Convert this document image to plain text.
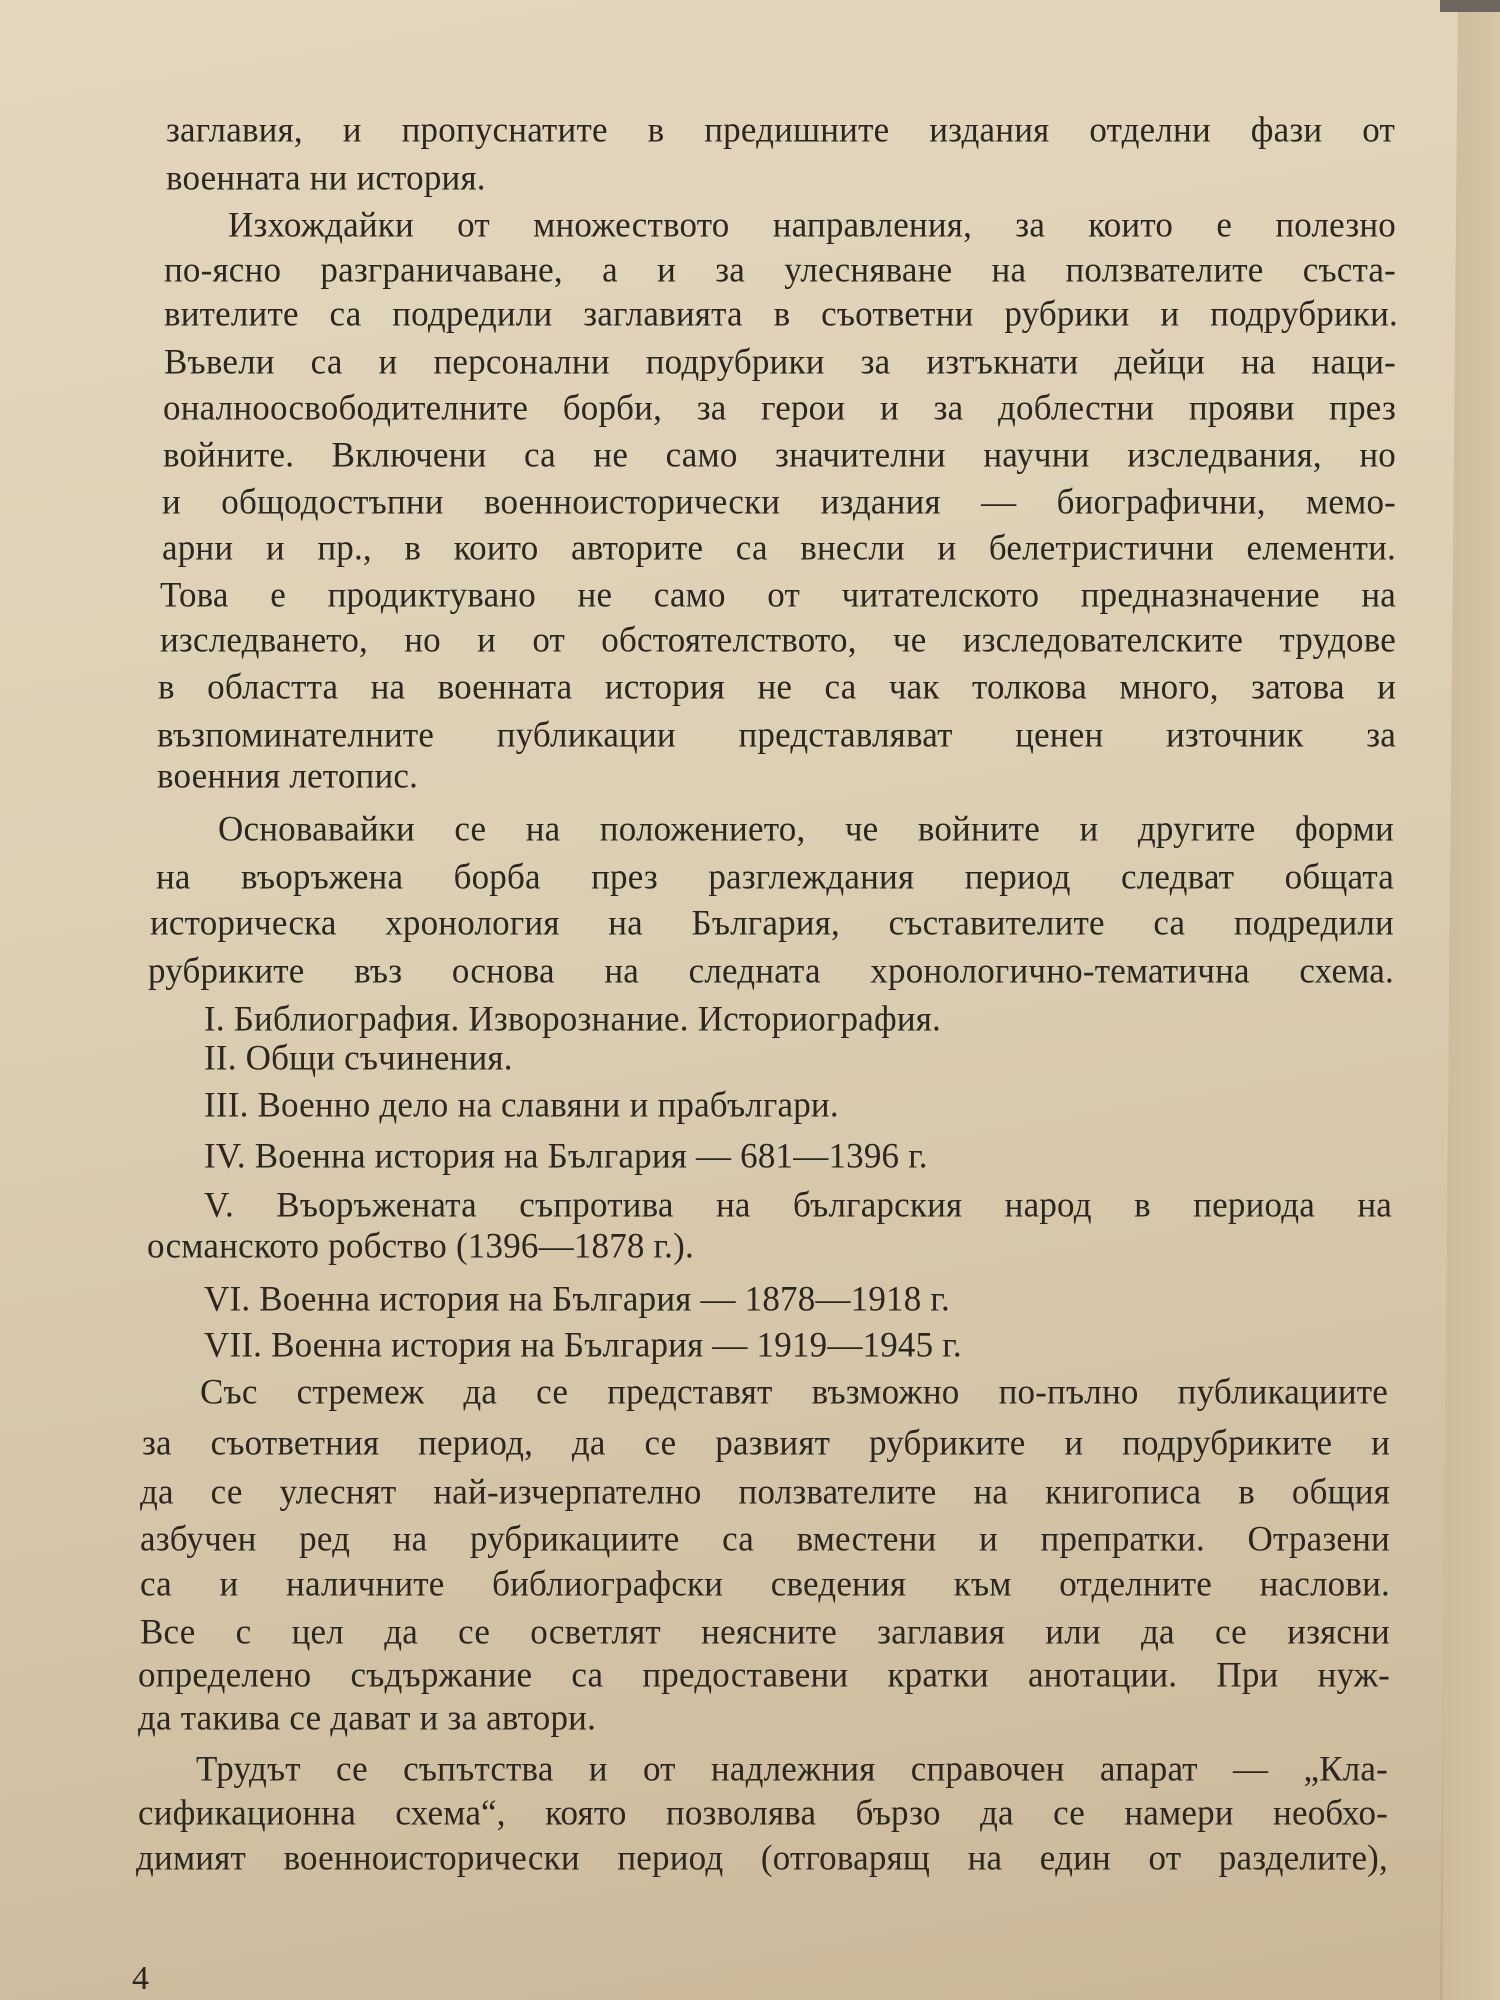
заглавия, и пропуснатите в предишните издания отделни фази от
военната ни история.
Изхождайки от множеството направления, за които е полезно
по-ясно разграничаване, а и за улесняване на ползвателите съста-
вителите са подредили заглавията в съответни рубрики и подрубрики.
Въвели са и персонални подрубрики за изтъкнати дейци на наци-
оналноосвободителните борби, за герои и за доблестни прояви през
войните. Включени са не само значителни научни изследвания, но
и общодостъпни военноисторически издания — биографични, мемо-
арни и пр., в които авторите са внесли и белетристични елементи.
Това е продиктувано не само от читателското предназначение на
изследването, но и от обстоятелството, че изследователските трудове
в областта на военната история не са чак толкова много, затова и
възпоминателните публикации представляват ценен източник за
военния летопис.
Основавайки се на положението, че войните и другите форми
на въоръжена борба през разглеждания период следват общата
историческа хронология на България, съставителите са подредили
рубриките въз основа на следната хронологично-тематична схема.
I. Библиография. Изворознание. Историография.
II. Общи съчинения.
III. Военно дело на славяни и прабългари.
IV. Военна история на България — 681—1396 г.
V. Въоръжената съпротива на българския народ в периода на
османското робство (1396—1878 г.).
VI. Военна история на България — 1878—1918 г.
VII. Военна история на България — 1919—1945 г.
Със стремеж да се представят възможно по-пълно публикациите
за съответния период, да се развият рубриките и подрубриките и
да се улеснят най-изчерпателно ползвателите на книгописа в общия
азбучен ред на рубрикациите са вместени и препратки. Отразени
са и наличните библиографски сведения към отделните наслови.
Все с цел да се осветлят неясните заглавия или да се изясни
определено съдържание са предоставени кратки анотации. При нуж-
да такива се дават и за автори.
Трудът се съпътства и от надлежния справочен апарат — „Кла-
сификационна схема“, която позволява бързо да се намери необхо-
димият военноисторически период (отговарящ на един от разделите),
4
